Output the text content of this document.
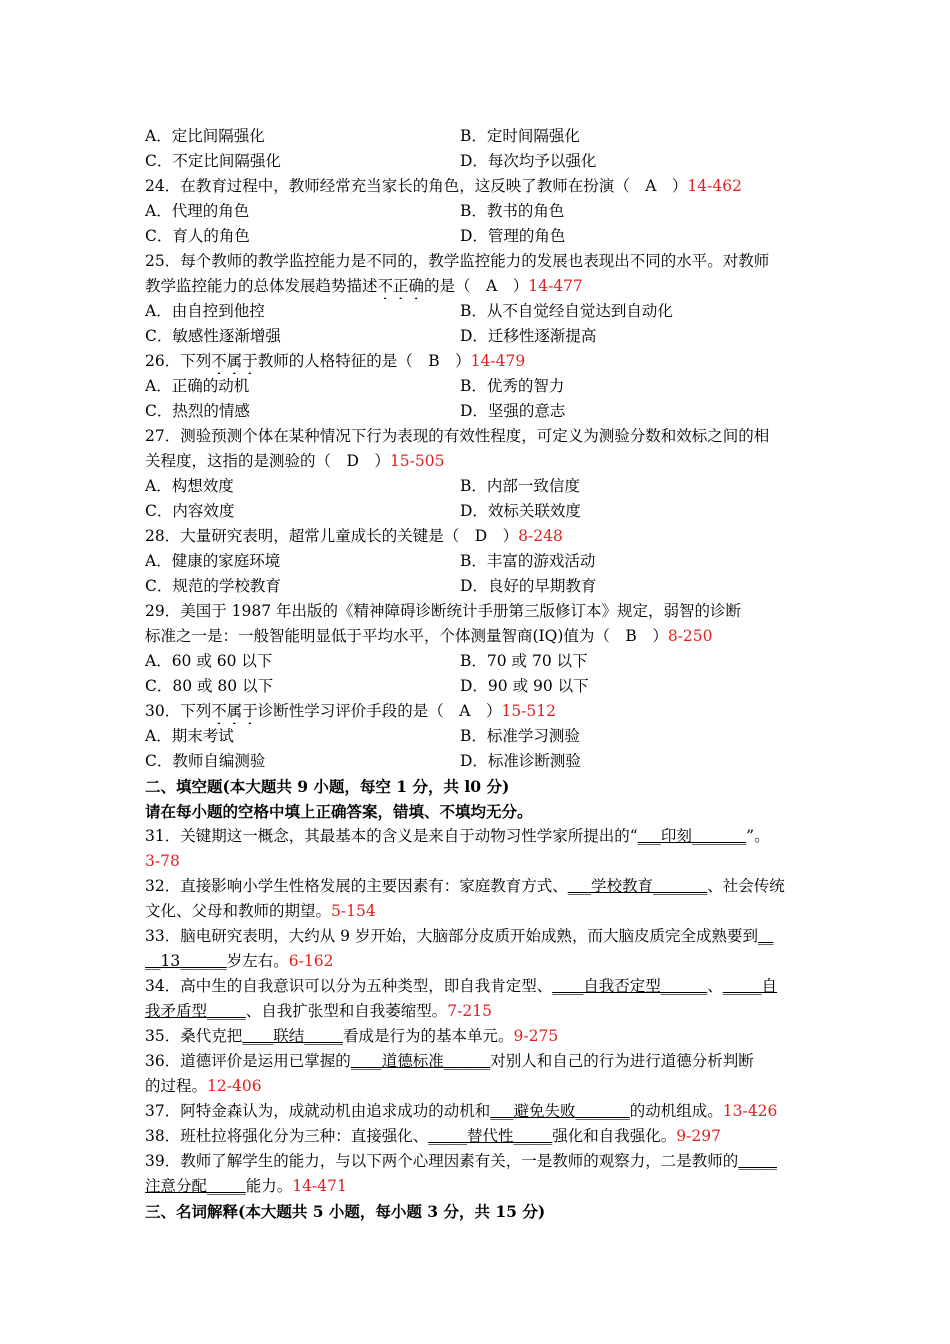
A．定比间隔强化	B．定时间隔强化
C．不定比间隔强化	D．每次均予以强化
24．在教育过程中，教师经常充当家长的角色，这反映了教师在扮演（　A　）14-462
A．代理的角色	B．教书的角色
C．育人的角色	D．管理的角色
25．每个教师的教学监控能力是不同的，教学监控能力的发展也表现出不同的水平。对教师
教学监控能力的总体发展趋势描述不正确的是（　A　）14-477
A．由自控到他控	B．从不自觉经自觉达到自动化
C．敏感性逐渐增强	D．迁移性逐渐提高
26．下列不属于教师的人格特征的是（　B　）14-479
A．正确的动机	B．优秀的智力
C．热烈的情感	D．坚强的意志
27．测验预测个体在某种情况下行为表现的有效性程度，可定义为测验分数和效标之间的相
关程度，这指的是测验的（　D　）15-505
A．构想效度	B．内部一致信度
C．内容效度	D．效标关联效度
28．大量研究表明，超常儿童成长的关键是（　D　）8-248
A．健康的家庭环境	B．丰富的游戏活动
C．规范的学校教育	D．良好的早期教育
29．美国于 1987 年出版的《精神障碍诊断统计手册第三版修订本》规定，弱智的诊断
标准之一是：一般智能明显低于平均水平，个体测量智商(IQ)值为（　B　）8-250
A．60 或 60 以下	B．70 或 70 以下
C．80 或 80 以下	D．90 或 90 以下
30．下列不属于诊断性学习评价手段的是（　A　）15-512
A．期末考试	B．标准学习测验
C．教师自编测验	D．标准诊断测验
二、填空题(本大题共 9 小题，每空 1 分，共 l0 分)
请在每小题的空格中填上正确答案，错填、不填均无分。
31．关键期这一概念，其最基本的含义是来自于动物习性学家所提出的“___印刻_______”。
3-78
32．直接影响小学生性格发展的主要因素有：家庭教育方式、___学校教育_______、社会传统
文化、父母和教师的期望。5-154
33．脑电研究表明，大约从 9 岁开始，大脑部分皮质开始成熟，而大脑皮质完全成熟要到__
__13______岁左右。6-162
34．高中生的自我意识可以分为五种类型，即自我肯定型、____自我否定型______、_____自
我矛盾型_____、自我扩张型和自我萎缩型。7-215
35．桑代克把____联结_____看成是行为的基本单元。9-275
36．道德评价是运用已掌握的____道德标准______对别人和自己的行为进行道德分析判断
的过程。12-406
37．阿特金森认为，成就动机由追求成功的动机和___避免失败_______的动机组成。13-426
38．班杜拉将强化分为三种：直接强化、_____替代性_____强化和自我强化。9-297
39．教师了解学生的能力，与以下两个心理因素有关，一是教师的观察力，二是教师的_____
注意分配_____能力。14-471
三、名词解释(本大题共 5 小题，每小题 3 分，共 15 分)
